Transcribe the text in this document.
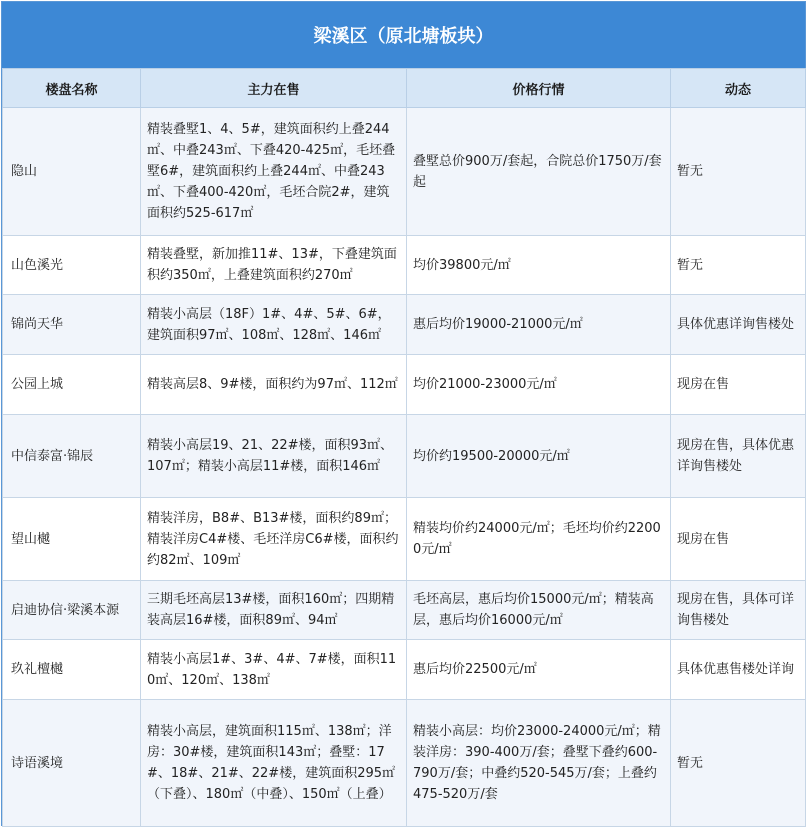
梁溪区（原北塘板块）
楼盘名称	主力在售	价格行情	动态
隐山	精装叠墅1、4、5#，建筑面积约上叠244㎡、中叠243㎡、下叠420-425㎡，毛坯叠墅6#，建筑面积约上叠244㎡、中叠243㎡、下叠400-420㎡，毛坯合院2#，建筑面积约525-617㎡	叠墅总价900万/套起，合院总价1750万/套起	暂无
山色溪光	精装叠墅，新加推11#、13#，下叠建筑面积约350㎡，上叠建筑面积约270㎡	均价39800元/㎡	暂无
锦尚天华	精装小高层（18F）1#、4#、5#、6#，建筑面积97㎡、108㎡、128㎡、146㎡	惠后均价19000-21000元/㎡	具体优惠详询售楼处
公园上城	精装高层8、9#楼，面积约为97㎡、112㎡	均价21000-23000元/㎡	现房在售
中信泰富·锦辰	精装小高层19、21、22#楼，面积93㎡、107㎡；精装小高层11#楼，面积146㎡	均价约19500-20000元/㎡	现房在售，具体优惠详询售楼处
望山樾	精装洋房，B8#、B13#楼，面积约89㎡；精装洋房C4#楼、毛坯洋房C6#楼，面积约约82㎡、109㎡	精装均价约24000元/㎡；毛坯均价约22000元/㎡	现房在售
启迪协信·梁溪本源	三期毛坯高层13#楼，面积160㎡；四期精装高层16#楼，面积89㎡、94㎡	毛坯高层，惠后均价15000元/㎡；精装高层，惠后均价16000元/㎡	现房在售，具体可详询售楼处
玖礼檀樾	精装小高层1#、3#、4#、7#楼，面积110㎡、120㎡、138㎡	惠后均价22500元/㎡	具体优惠售楼处详询
诗语溪境	精装小高层，建筑面积115㎡、138㎡；洋房：30#楼，建筑面积143㎡；叠墅：17#、18#、21#、22#楼，建筑面积295㎡（下叠）、180㎡（中叠）、150㎡（上叠）	精装小高层：均价23000-24000元/㎡；精装洋房：390-400万/套；叠墅下叠约600-790万/套；中叠约520-545万/套；上叠约475-520万/套	暂无
